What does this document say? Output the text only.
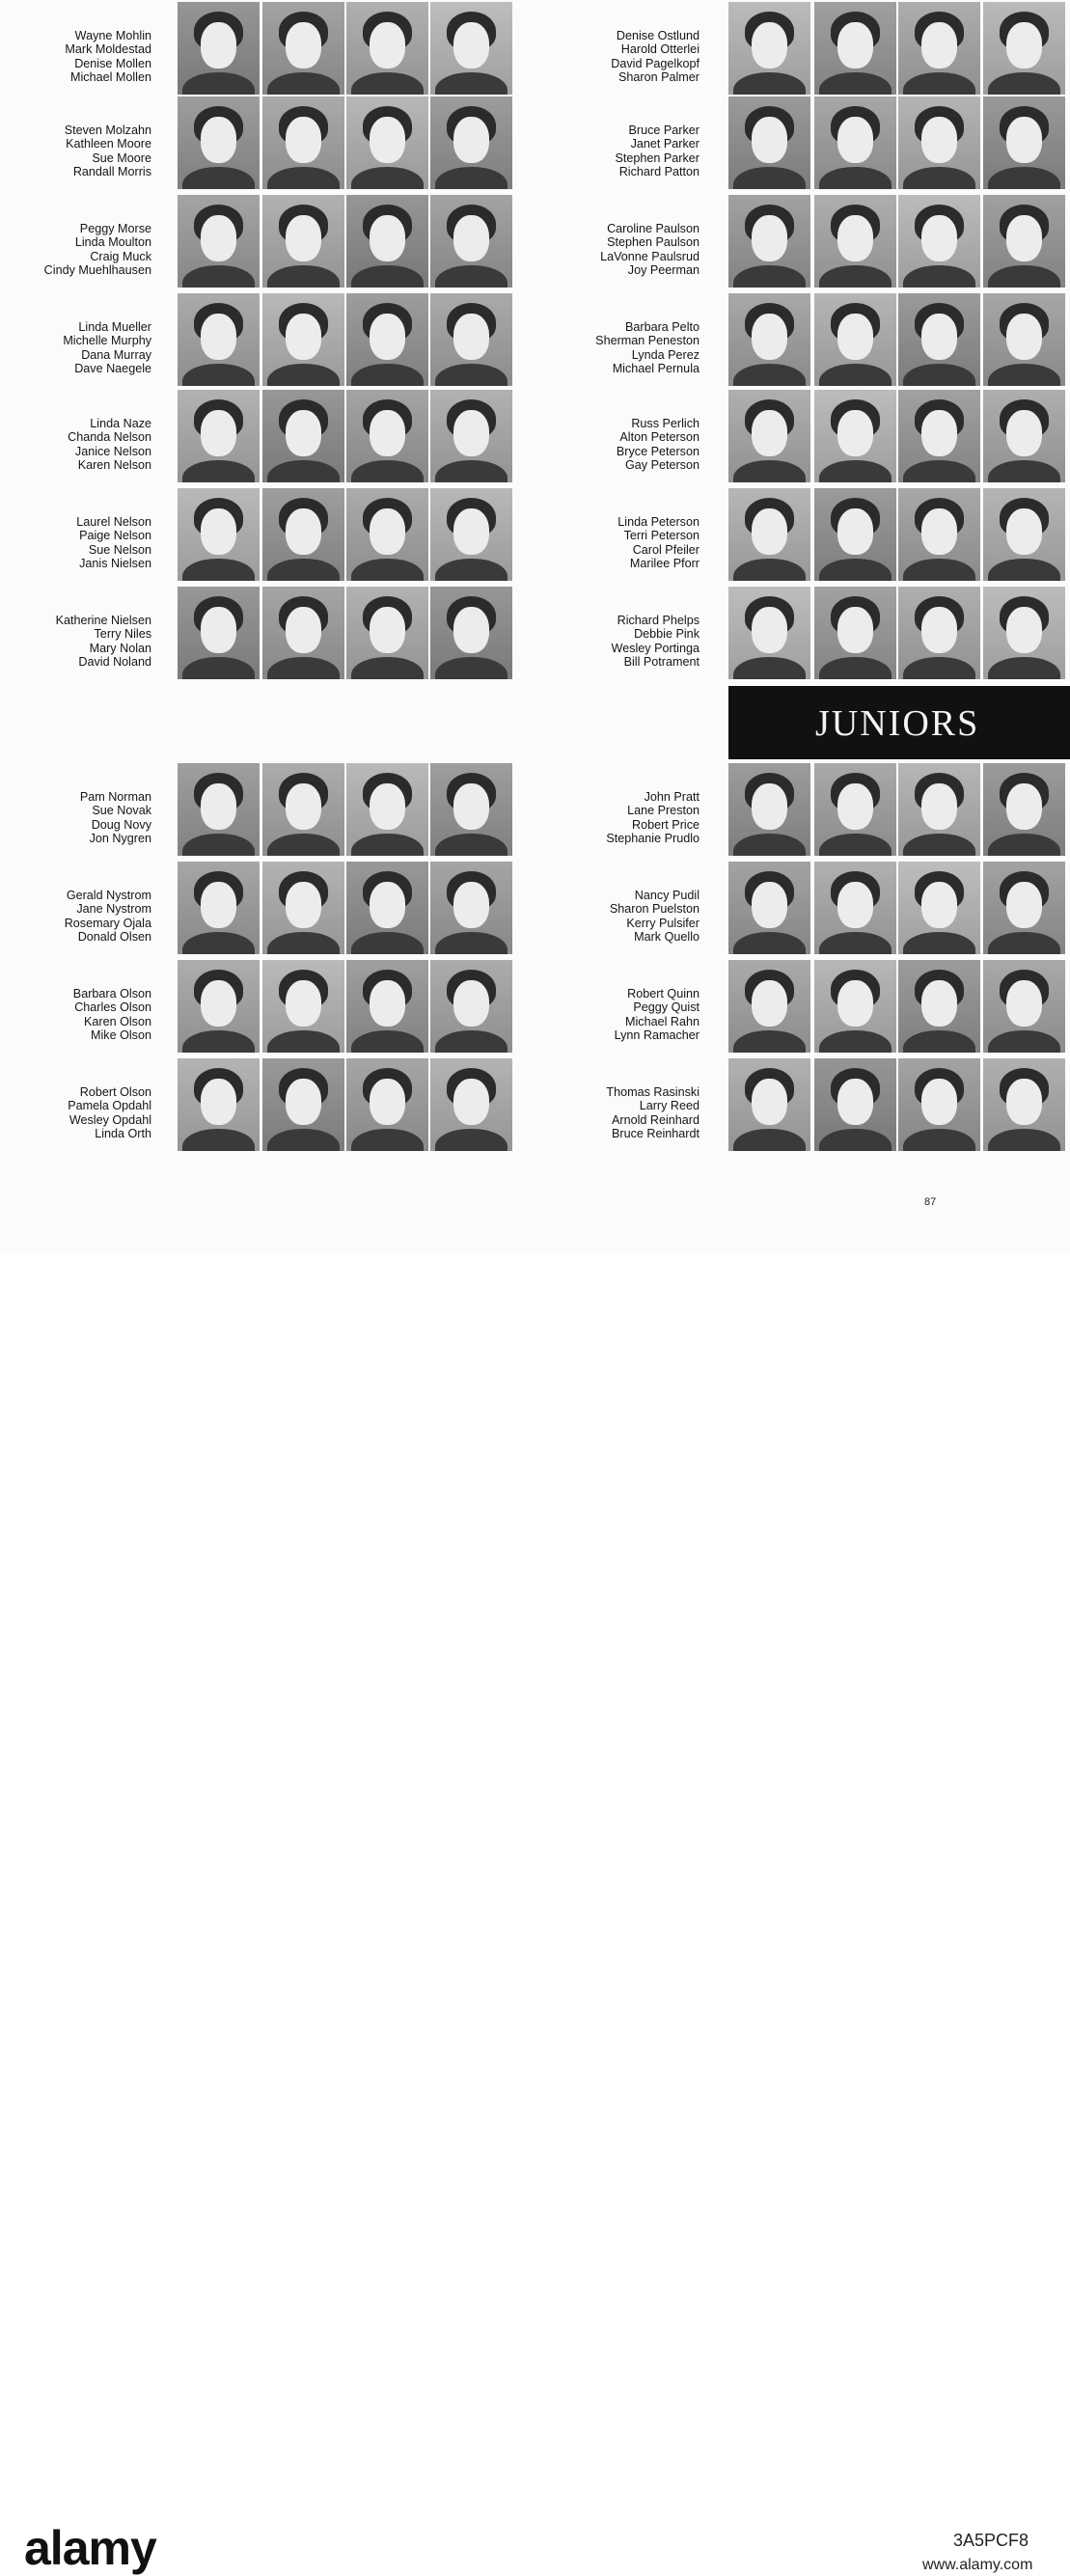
JUNIORS
87
Wayne Mohlin
Mark Moldestad
Denise Mollen
Michael Mollen
Steven Molzahn
Kathleen Moore
Sue Moore
Randall Morris
Peggy Morse
Linda Moulton
Craig Muck
Cindy Muehlhausen
Linda Mueller
Michelle Murphy
Dana Murray
Dave Naegele
Linda Naze
Chanda Nelson
Janice Nelson
Karen Nelson
Laurel Nelson
Paige Nelson
Sue Nelson
Janis Nielsen
Katherine Nielsen
Terry Niles
Mary Nolan
David Noland
Pam Norman
Sue Novak
Doug Novy
Jon Nygren
Gerald Nystrom
Jane Nystrom
Rosemary Ojala
Donald Olsen
Barbara Olson
Charles Olson
Karen Olson
Mike Olson
Robert Olson
Pamela Opdahl
Wesley Opdahl
Linda Orth
Denise Ostlund
Harold Otterlei
David Pagelkopf
Sharon Palmer
Bruce Parker
Janet Parker
Stephen Parker
Richard Patton
Caroline Paulson
Stephen Paulson
LaVonne Paulsrud
Joy Peerman
Barbara Pelto
Sherman Peneston
Lynda Perez
Michael Pernula
Russ Perlich
Alton Peterson
Bryce Peterson
Gay Peterson
Linda Peterson
Terri Peterson
Carol Pfeiler
Marilee Pforr
Richard Phelps
Debbie Pink
Wesley Portinga
Bill Potrament
John Pratt
Lane Preston
Robert Price
Stephanie Prudlo
Nancy Pudil
Sharon Puelston
Kerry Pulsifer
Mark Quello
Robert Quinn
Peggy Quist
Michael Rahn
Lynn Ramacher
Thomas Rasinski
Larry Reed
Arnold Reinhard
Bruce Reinhardt
alamy	3A5PCF8
www.alamy.com
